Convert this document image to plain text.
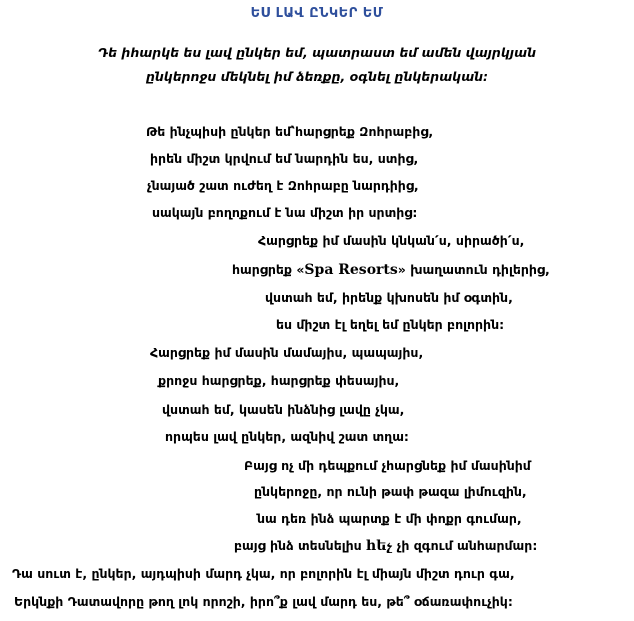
ԵՍ ԼԱՎ ԸՆԿԵՐ ԵՄ
Դե իհարկե ես լավ ընկեր եմ, պատրաստ եմ ամեն վայրկյան
ընկերոջս մեկնել իմ ձեռքը, օգնել ընկերական:
Թե ինչպիսի ընկեր եմ՝հարցրեք Զոհրաբից,
իրեն միշտ կրվում եմ նարդին ես, ստից,
չնայած շատ ուժեղ է Զոհրաբը նարդիից,
սակայն բողոքում է նա միշտ իր սրտից:
Հարցրեք իմ մասին կնկան՛ս, սիրածի՛ս,
հարցրեք «Spa Resorts» խաղատուն դիլերից,
վստահ եմ, իրենք կխոսեն իմ օգտին,
ես միշտ էլ եղել եմ ընկեր բոլորին:
Հարցրեք իմ մասին մամայիս, պապայիս,
քրոջս հարցրեք, հարցրեք փեսայիս,
վստահ եմ, կասեն ինձնից լավը չկա,
որպես լավ ընկեր, ազնիվ շատ տղա:
Բայց ոչ մի դեպքում չհարցնեք իմ մասինիմ
ընկերոջը, որ ունի թափ թազա լիմուզին,
նա դեռ ինձ պարտք է մի փոքր գումար,
բայց ինձ տեսնելիս hեչ չի զգում անհարմար:
Դա սուտ է, ընկեր, այդպիսի մարդ չկա, որ բոլորին էլ միայն միշտ դուր գա,
Երկնքի Դատավորը թող լոկ որոշի, իրո՞ք լավ մարդ ես, թե՞ օճառափուչիկ:
